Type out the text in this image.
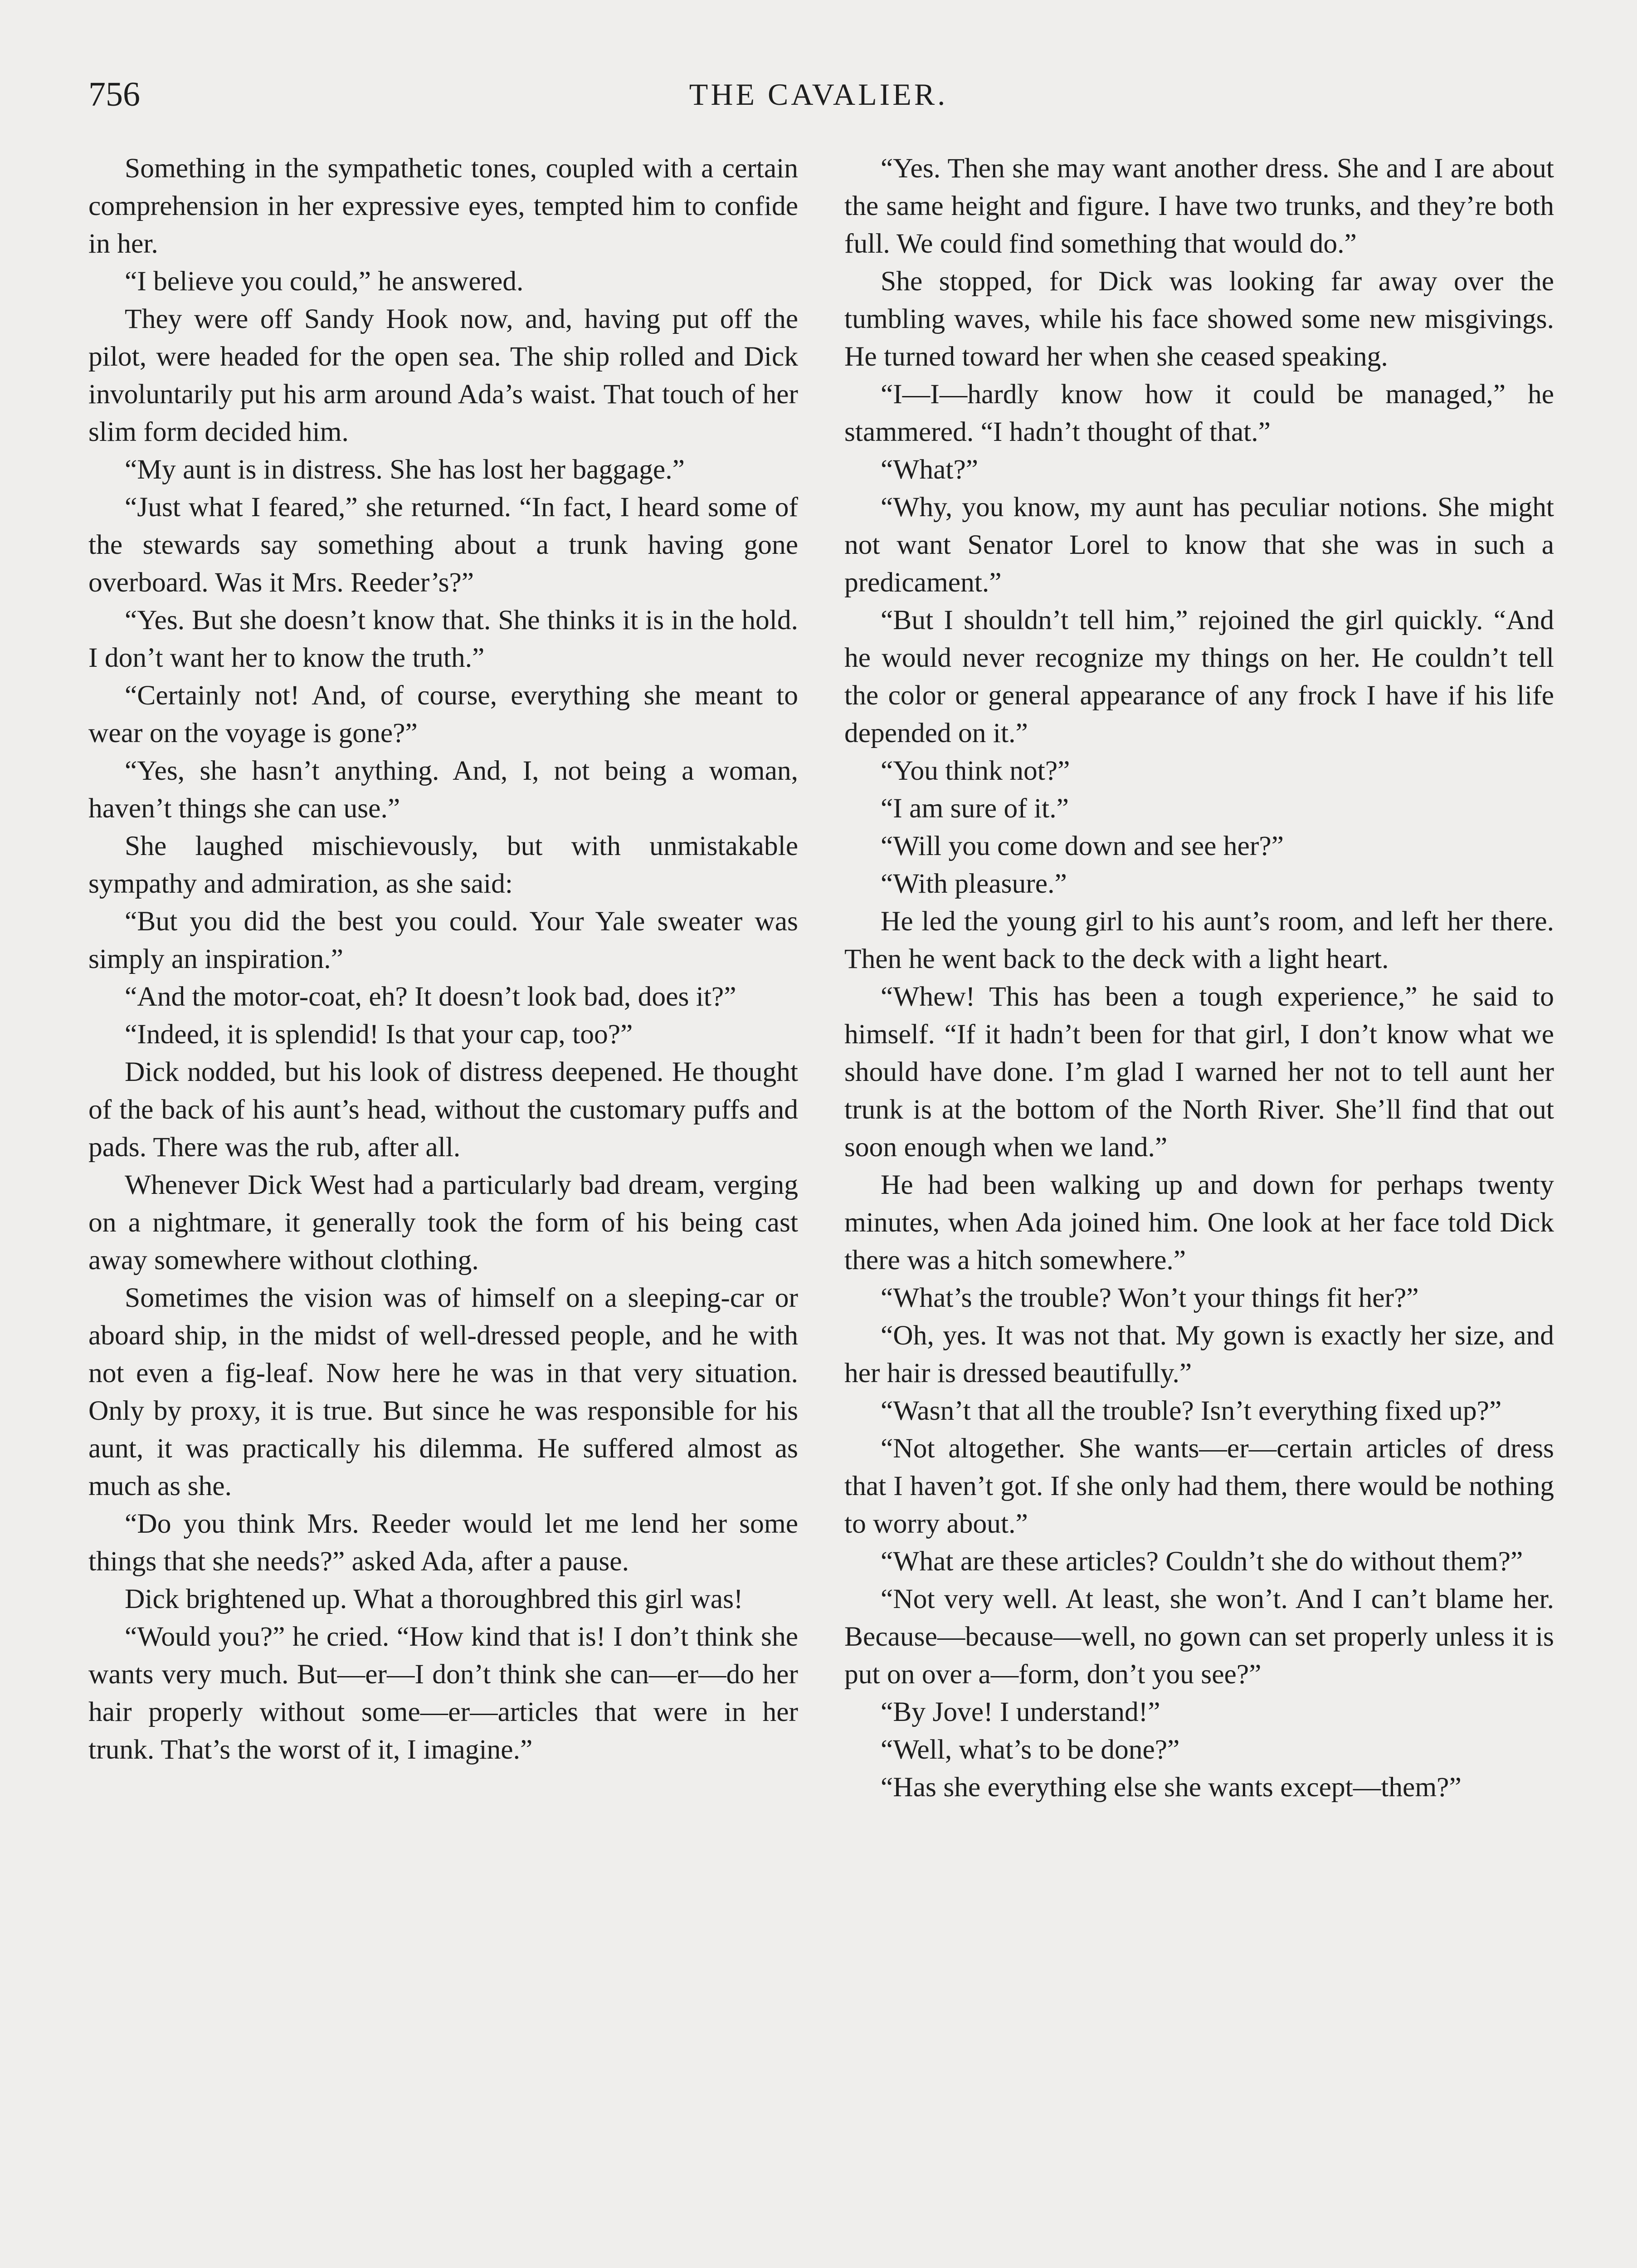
756	THE CAVALIER.

Something in the sympathetic tones, coupled with a certain comprehension in her expressive eyes, tempted him to confide in her.

“I believe you could,” he answered.

They were off Sandy Hook now, and, having put off the pilot, were headed for the open sea. The ship rolled and Dick involuntarily put his arm around Ada’s waist. That touch of her slim form decided him.

“My aunt is in distress. She has lost her baggage.”

“Just what I feared,” she returned. “In fact, I heard some of the stewards say something about a trunk having gone overboard. Was it Mrs. Reeder’s?”

“Yes. But she doesn’t know that. She thinks it is in the hold. I don’t want her to know the truth.”

“Certainly not! And, of course, everything she meant to wear on the voyage is gone?”

“Yes, she hasn’t anything. And, I, not being a woman, haven’t things she can use.”

She laughed mischievously, but with unmistakable sympathy and admiration, as she said:

“But you did the best you could. Your Yale sweater was simply an inspiration.”

“And the motor-coat, eh? It doesn’t look bad, does it?”

“Indeed, it is splendid! Is that your cap, too?”

Dick nodded, but his look of distress deepened. He thought of the back of his aunt’s head, without the customary puffs and pads. There was the rub, after all.

Whenever Dick West had a particularly bad dream, verging on a nightmare, it generally took the form of his being cast away somewhere without clothing.

Sometimes the vision was of himself on a sleeping-car or aboard ship, in the midst of well-dressed people, and he with not even a fig-leaf. Now here he was in that very situation. Only by proxy, it is true. But since he was responsible for his aunt, it was practically his dilemma. He suffered almost as much as she.

“Do you think Mrs. Reeder would let me lend her some things that she needs?” asked Ada, after a pause.

Dick brightened up. What a thoroughbred this girl was!

“Would you?” he cried. “How kind that is! I don’t think she wants very much. But—er—I don’t think she can—er—do her hair properly without some—er—articles that were in her trunk. That’s the worst of it, I imagine.”

“Yes. Then she may want another dress. She and I are about the same height and figure. I have two trunks, and they’re both full. We could find something that would do.”

She stopped, for Dick was looking far away over the tumbling waves, while his face showed some new misgivings. He turned toward her when she ceased speaking.

“I—I—hardly know how it could be managed,” he stammered. “I hadn’t thought of that.”

“What?”

“Why, you know, my aunt has peculiar notions. She might not want Senator Lorel to know that she was in such a predicament.”

“But I shouldn’t tell him,” rejoined the girl quickly. “And he would never recognize my things on her. He couldn’t tell the color or general appearance of any frock I have if his life depended on it.”

“You think not?”

“I am sure of it.”

“Will you come down and see her?”

“With pleasure.”

He led the young girl to his aunt’s room, and left her there. Then he went back to the deck with a light heart.

“Whew! This has been a tough experience,” he said to himself. “If it hadn’t been for that girl, I don’t know what we should have done. I’m glad I warned her not to tell aunt her trunk is at the bottom of the North River. She’ll find that out soon enough when we land.”

He had been walking up and down for perhaps twenty minutes, when Ada joined him. One look at her face told Dick there was a hitch somewhere.”

“What’s the trouble? Won’t your things fit her?”

“Oh, yes. It was not that. My gown is exactly her size, and her hair is dressed beautifully.”

“Wasn’t that all the trouble? Isn’t everything fixed up?”

“Not altogether. She wants—er—certain articles of dress that I haven’t got. If she only had them, there would be nothing to worry about.”

“What are these articles? Couldn’t she do without them?”

“Not very well. At least, she won’t. And I can’t blame her. Because—because—well, no gown can set properly unless it is put on over a—form, don’t you see?”

“By Jove! I understand!”

“Well, what’s to be done?”

“Has she everything else she wants except—them?”
